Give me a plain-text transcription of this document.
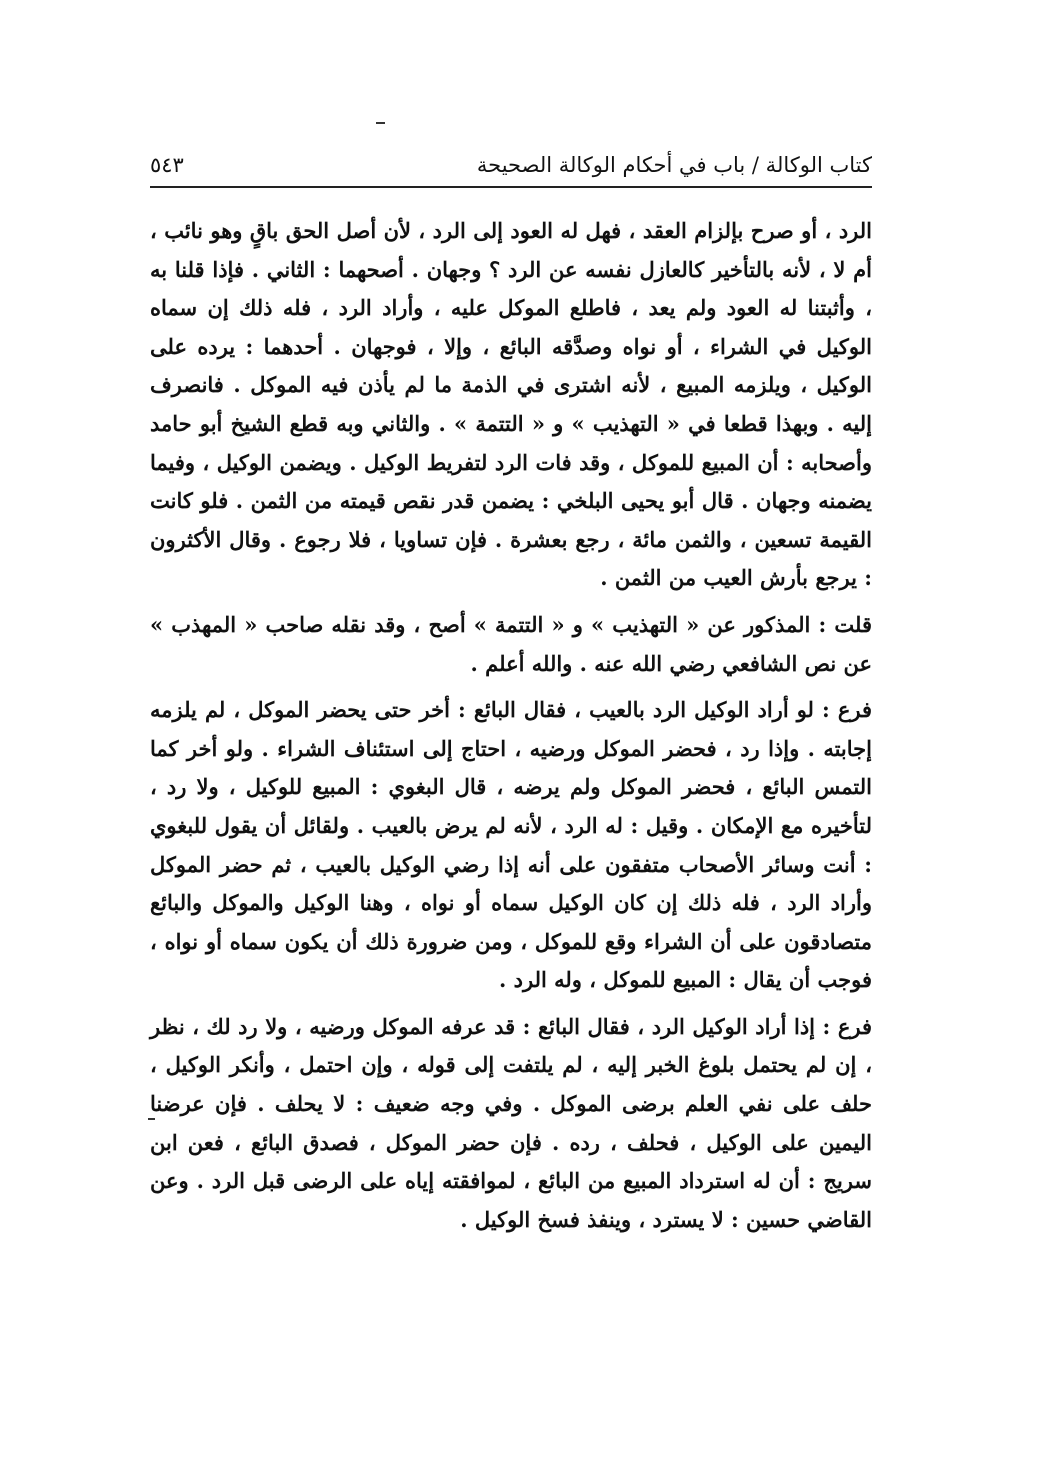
كتاب الوكالة / باب في أحكام الوكالة الصحيحة
٥٤٣

الرد ، أو صرح بإلزام العقد ، فهل له العود إلى الرد ، لأن أصل الحق باقٍ وهو نائب ، أم لا ، لأنه بالتأخير كالعازل نفسه عن الرد ؟ وجهان . أصحهما : الثاني . فإذا قلنا به ، وأثبتنا له العود ولم يعد ، فاطلع الموكل عليه ، وأراد الرد ، فله ذلك إن سماه الوكيل في الشراء ، أو نواه وصدَّقه البائع ، وإلا ، فوجهان . أحدهما : يرده على الوكيل ، ويلزمه المبيع ، لأنه اشترى في الذمة ما لم يأذن فيه الموكل . فانصرف إليه . وبهذا قطعا في « التهذيب » و « التتمة » . والثاني وبه قطع الشيخ أبو حامد وأصحابه : أن المبيع للموكل ، وقد فات الرد لتفريط الوكيل . ويضمن الوكيل ، وفيما يضمنه وجهان . قال أبو يحيى البلخي : يضمن قدر نقص قيمته من الثمن . فلو كانت القيمة تسعين ، والثمن مائة ، رجع بعشرة . فإن تساويا ، فلا رجوع . وقال الأكثرون : يرجع بأرش العيب من الثمن .

قلت : المذكور عن « التهذيب » و « التتمة » أصح ، وقد نقله صاحب « المهذب » عن نص الشافعي رضي الله عنه . والله أعلم .

فرع : لو أراد الوكيل الرد بالعيب ، فقال البائع : أخر حتى يحضر الموكل ، لم يلزمه إجابته . وإذا رد ، فحضر الموكل ورضيه ، احتاج إلى استئناف الشراء . ولو أخر كما التمس البائع ، فحضر الموكل ولم يرضه ، قال البغوي : المبيع للوكيل ، ولا رد ، لتأخيره مع الإمكان . وقيل : له الرد ، لأنه لم يرض بالعيب . ولقائل أن يقول للبغوي : أنت وسائر الأصحاب متفقون على أنه إذا رضي الوكيل بالعيب ، ثم حضر الموكل وأراد الرد ، فله ذلك إن كان الوكيل سماه أو نواه ، وهنا الوكيل والموكل والبائع متصادقون على أن الشراء وقع للموكل ، ومن ضرورة ذلك أن يكون سماه أو نواه ، فوجب أن يقال : المبيع للموكل ، وله الرد .

فرع : إذا أراد الوكيل الرد ، فقال البائع : قد عرفه الموكل ورضيه ، ولا رد لك ، نظر ، إن لم يحتمل بلوغ الخبر إليه ، لم يلتفت إلى قوله ، وإن احتمل ، وأنكر الوكيل ، حلف على نفي العلم برضى الموكل . وفي وجه ضعيف : لا يحلف . فإن عرضنا اليمين على الوكيل ، فحلف ، رده . فإن حضر الموكل ، فصدق البائع ، فعن ابن سريج : أن له استرداد المبيع من البائع ، لموافقته إياه على الرضى قبل الرد . وعن القاضي حسين : لا يسترد ، وينفذ فسخ الوكيل .
